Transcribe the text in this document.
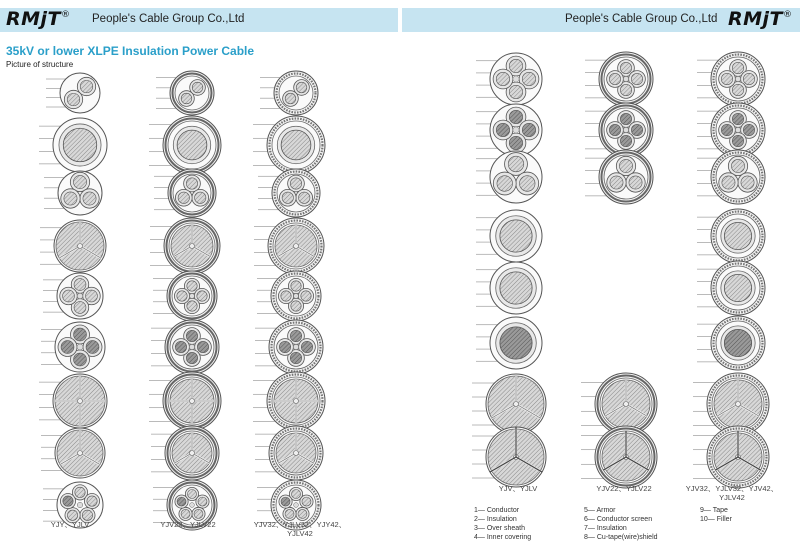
RMjT® People's Cable Group Co.,Ltd	People's Cable Group Co.,Ltd RMjT®
35kV or lower XLPE Insulation Power Cable
Picture of structure
YJY、YJLV	YJV22、YJLV22	YJV32、YJLV32、YJY42、
YJLV42
YJV、YJLV	YJV22、YJLV22	YJV32、YJLV32、YJV42、
YJLV42
1— Conductor
2— Insulation
3— Over sheath
4— Inner covering
5— Armor
6— Conductor screen
7— Insulation
8— Cu-tape(wire)shield
9— Tape
10— Filler
